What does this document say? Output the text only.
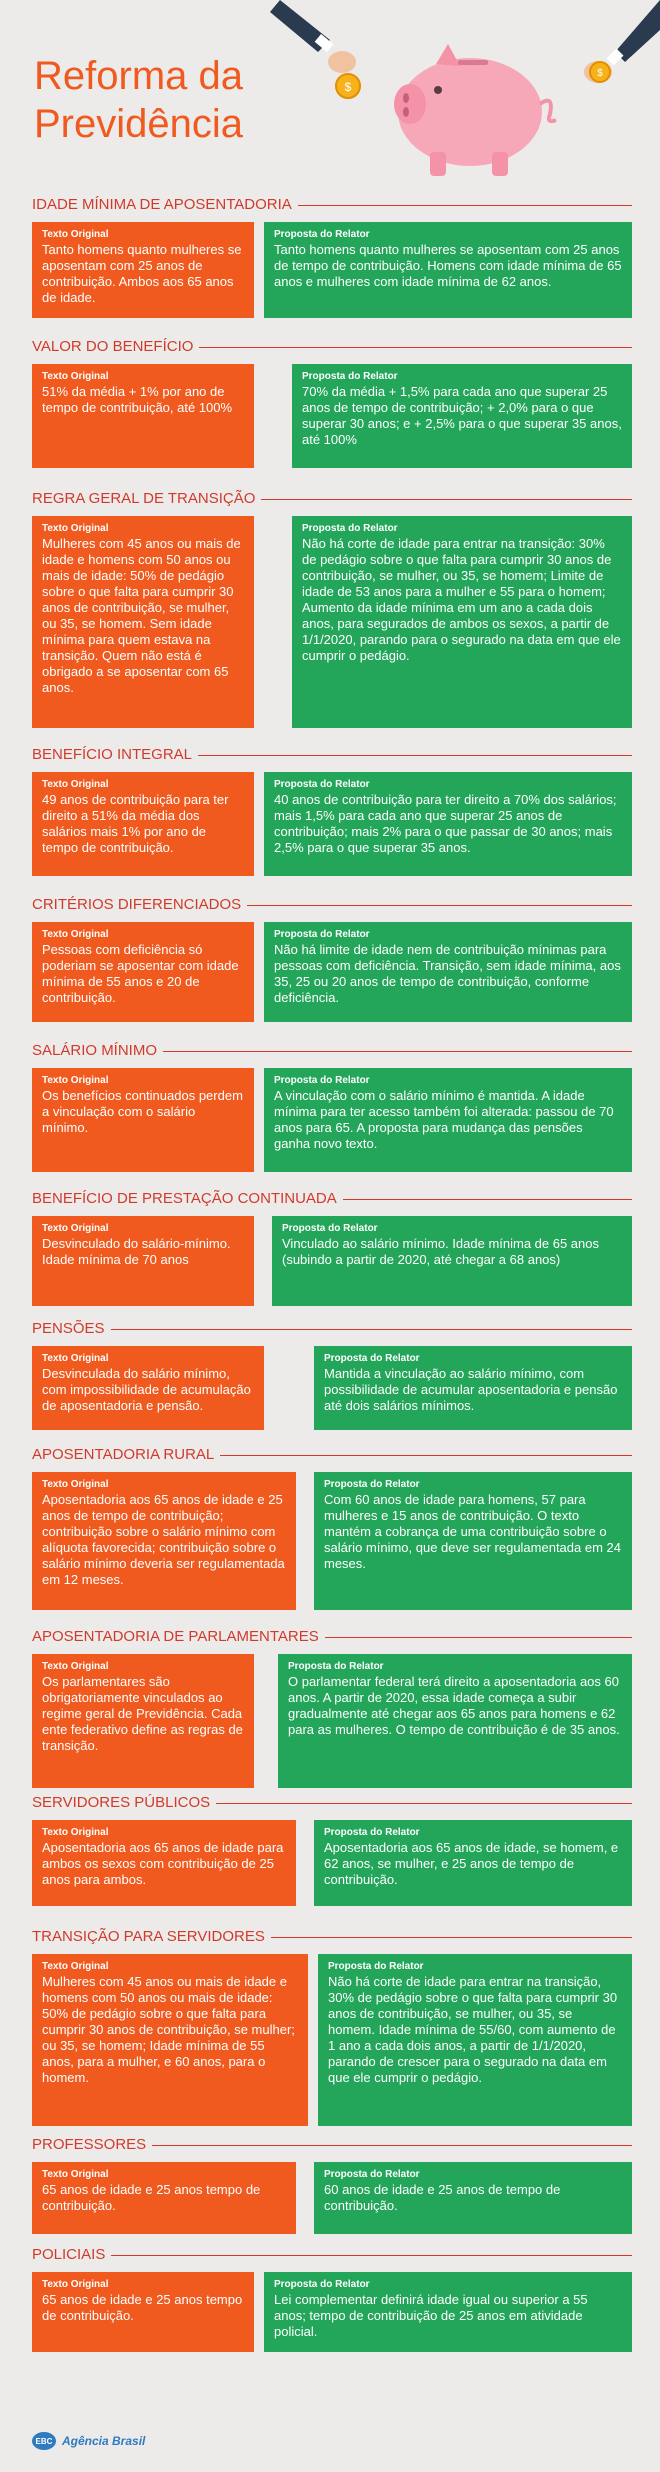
Reforma da
Previdência
$
$
IDADE MÍNIMA DE APOSENTADORIA
Texto Original
Tanto homens quanto mulheres se aposentam com 25 anos de contribuição. Ambos aos 65 anos de idade.
Proposta do Relator
Tanto homens quanto mulheres se aposentam com 25 anos de tempo de contribuição. Homens com idade mínima de 65 anos e mulheres com idade mínima de 62 anos.
VALOR DO BENEFÍCIO
Texto Original
51% da média + 1% por ano de tempo de contribuição, até 100%
Proposta do Relator
70% da média + 1,5% para cada ano que superar 25 anos de tempo de contribuição; + 2,0% para o que superar 30 anos; e + 2,5% para o que superar 35 anos, até 100%
REGRA GERAL DE TRANSIÇÃO
Texto Original
Mulheres com 45 anos ou mais de idade e homens com 50 anos ou mais de idade: 50% de pedágio sobre o que falta para cumprir 30 anos de contribuição, se mulher, ou 35, se homem. Sem idade mínima para quem estava na transição. Quem não está é obrigado a se aposentar com 65 anos.
Proposta do Relator
Não há corte de idade para entrar na transição: 30% de pedágio sobre o que falta para cumprir 30 anos de contribuição, se mulher, ou 35, se homem; Limite de idade de 53 anos para a mulher e 55 para o homem; Aumento da idade mínima em um ano a cada dois anos, para segurados de ambos os sexos, a partir de 1/1/2020, parando para o segurado na data em que ele cumprir o pedágio.
BENEFÍCIO INTEGRAL
Texto Original
49 anos de contribuição para ter direito a 51% da média dos salários mais 1% por ano de tempo de contribuição.
Proposta do Relator
40 anos de contribuição para ter direito a 70% dos salários; mais 1,5% para cada ano que superar 25 anos de contribuição; mais 2% para o que passar de 30 anos; mais 2,5% para o que superar 35 anos.
CRITÉRIOS DIFERENCIADOS
Texto Original
Pessoas com deficiência só poderiam se aposentar com idade mínima de 55 anos e 20 de contribuição.
Proposta do Relator
Não há limite de idade nem de contribuição mínimas para pessoas com deficiência. Transição, sem idade mínima, aos 35, 25 ou 20 anos de tempo de contribuição, conforme deficiência.
SALÁRIO MÍNIMO
Texto Original
Os benefícios continuados perdem a vinculação com o salário mínimo.
Proposta do Relator
A vinculação com o salário mínimo é mantida. A idade mínima para ter acesso também foi alterada: passou de 70 anos para 65. A proposta para mudança das pensões ganha novo texto.
BENEFÍCIO DE PRESTAÇÃO CONTINUADA
Texto Original
Desvinculado do salário-mínimo. Idade mínima de 70 anos
Proposta do Relator
Vinculado ao salário mínimo. Idade mínima de 65 anos (subindo a partir de 2020, até chegar a 68 anos)
PENSÕES
Texto Original
Desvinculada do salário mínimo, com impossibilidade de acumulação de aposentadoria e pensão.
Proposta do Relator
Mantida a vinculação ao salário mínimo, com possibilidade de acumular aposentadoria e pensão até dois salários mínimos.
APOSENTADORIA RURAL
Texto Original
Aposentadoria aos 65 anos de idade e 25 anos de tempo de contribuição; contribuição sobre o salário mínimo com alíquota favorecida; contribuição sobre o salário mínimo deveria ser regulamentada em 12 meses.
Proposta do Relator
Com 60 anos de idade para homens, 57 para mulheres e 15 anos de contribuição. O texto mantém a cobrança de uma contribuição sobre o salário mínimo, que deve ser regulamentada em 24 meses.
APOSENTADORIA DE PARLAMENTARES
Texto Original
Os parlamentares são obrigatoriamente vinculados ao regime geral de Previdência. Cada ente federativo define as regras de transição.
Proposta do Relator
O parlamentar federal terá direito a aposentadoria aos 60 anos. A partir de 2020, essa idade começa a subir gradualmente até chegar aos 65 anos para homens e 62 para as mulheres. O tempo de contribuição é de 35 anos.
SERVIDORES PÚBLICOS
Texto Original
Aposentadoria aos 65 anos de idade para ambos os sexos com contribuição de 25 anos para ambos.
Proposta do Relator
Aposentadoria aos 65 anos de idade, se homem, e 62 anos, se mulher, e 25 anos de tempo de contribuição.
TRANSIÇÃO PARA SERVIDORES
Texto Original
Mulheres com 45 anos ou mais de idade e homens com 50 anos ou mais de idade: 50% de pedágio sobre o que falta para cumprir 30 anos de contribuição, se mulher; ou 35, se homem; Idade mínima de 55 anos, para a mulher, e 60 anos, para o homem.
Proposta do Relator
Não há corte de idade para entrar na transição, 30% de pedágio sobre o que falta para cumprir 30 anos de contribuição, se mulher, ou 35, se homem. Idade mínima de 55/60, com aumento de 1 ano a cada dois anos, a partir de 1/1/2020, parando de crescer para o segurado na data em que ele cumprir o pedágio.
PROFESSORES
Texto Original
65 anos de idade e 25 anos tempo de contribuição.
Proposta do Relator
60 anos de idade e 25 anos de tempo de contribuição.
POLICIAIS
Texto Original
65 anos de idade e 25 anos tempo de contribuição.
Proposta do Relator
Lei complementar definirá idade igual ou superior a 55 anos; tempo de contribuição de 25 anos em atividade policial.
EBC Agência Brasil
